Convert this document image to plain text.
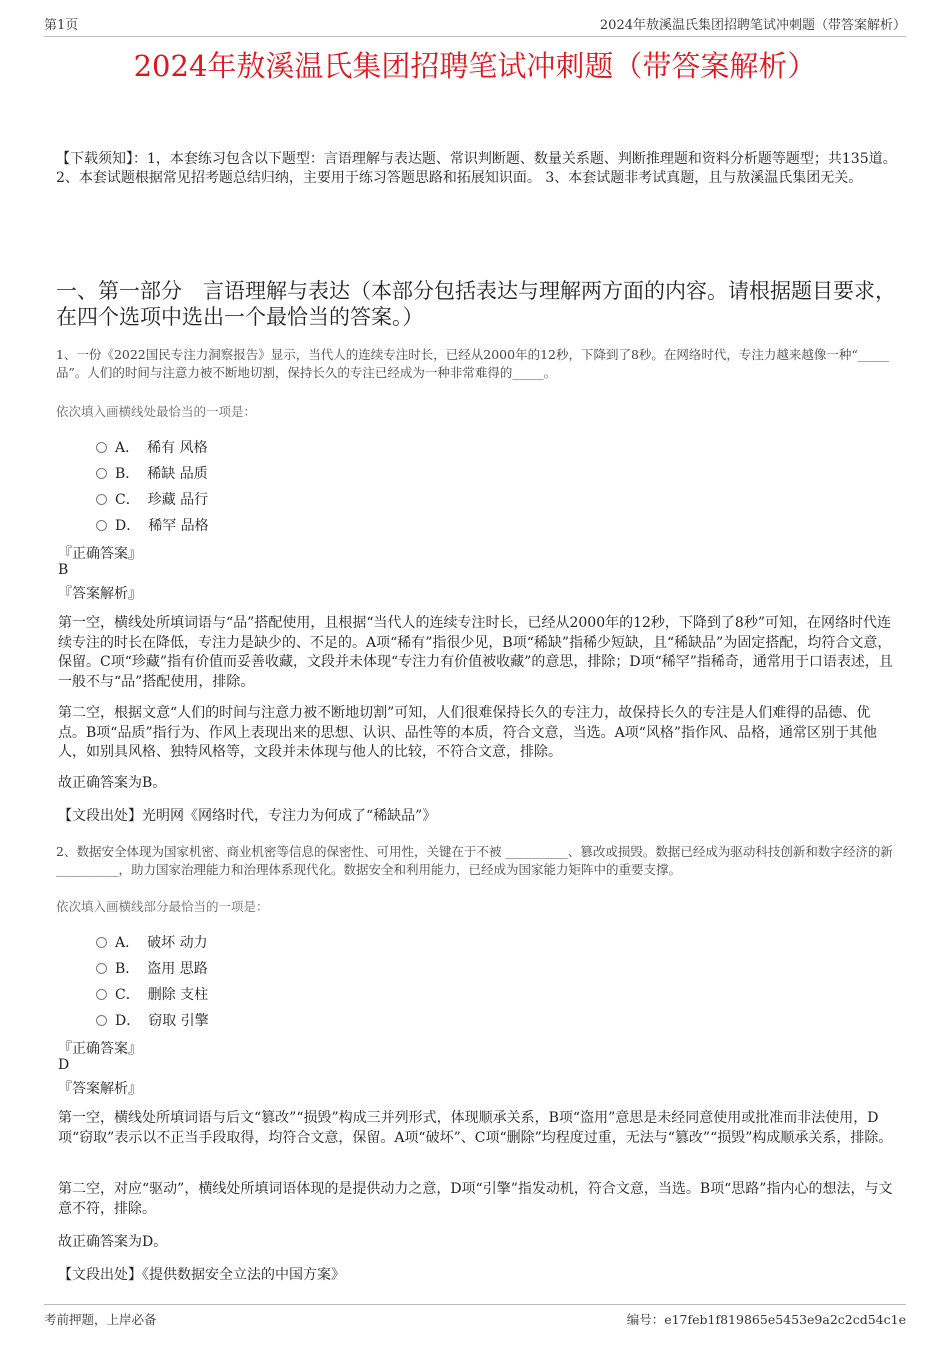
第1页	2024年敖溪温氏集团招聘笔试冲刺题（带答案解析）
2024年敖溪温氏集团招聘笔试冲刺题（带答案解析）
【下载须知】：1，本套练习包含以下题型：言语理解与表达题、常识判断题、数量关系题、判断推理题和资料分析题等题型；共135道。 2、本套试题根据常见招考题总结归纳，主要用于练习答题思路和拓展知识面。 3、本套试题非考试真题，且与敖溪温氏集团无关。
一、第一部分　言语理解与表达（本部分包括表达与理解两方面的内容。请根据题目要求，在四个选项中选出一个最恰当的答案。）
1、一份《2022国民专注力洞察报告》显示，当代人的连续专注时长，已经从2000年的12秒，下降到了8秒。在网络时代，专注力越来越像一种“_____品”。人们的时间与注意力被不断地切割，保持长久的专注已经成为一种非常难得的_____。
依次填入画横线处最恰当的一项是：
A． 稀有 风格
B． 稀缺 品质
C． 珍藏 品行
D． 稀罕 品格
『正确答案』
B
『答案解析』
第一空，横线处所填词语与“品”搭配使用，且根据“当代人的连续专注时长，已经从2000年的12秒，下降到了8秒”可知，在网络时代连续专注的时长在降低，专注力是缺少的、不足的。A项“稀有”指很少见，B项“稀缺”指稀少短缺，且“稀缺品”为固定搭配，均符合文意，保留。C项“珍藏”指有价值而妥善收藏，文段并未体现“专注力有价值被收藏”的意思，排除；D项“稀罕”指稀奇，通常用于口语表述，且一般不与“品”搭配使用，排除。
第二空，根据文意“人们的时间与注意力被不断地切割”可知，人们很难保持长久的专注力，故保持长久的专注是人们难得的品德、优点。B项“品质”指行为、作风上表现出来的思想、认识、品性等的本质，符合文意，当选。A项“风格”指作风、品格，通常区别于其他人，如别具风格、独特风格等，文段并未体现与他人的比较，不符合文意，排除。
故正确答案为B。
【文段出处】光明网《网络时代，专注力为何成了“稀缺品”》
2、数据安全体现为国家机密、商业机密等信息的保密性、可用性，关键在于不被 __________、篡改或损毁。数据已经成为驱动科技创新和数字经济的新 __________，助力国家治理能力和治理体系现代化。数据安全和利用能力，已经成为国家能力矩阵中的重要支撑。
依次填入画横线部分最恰当的一项是：
A． 破坏 动力
B． 盗用 思路
C． 删除 支柱
D． 窃取 引擎
『正确答案』
D
『答案解析』
第一空，横线处所填词语与后文“篡改”“损毁”构成三并列形式，体现顺承关系，B项“盗用”意思是未经同意使用或批准而非法使用，D项“窃取”表示以不正当手段取得，均符合文意，保留。A项“破坏”、C项“删除”均程度过重，无法与“篡改”“损毁”构成顺承关系，排除。
第二空，对应“驱动”，横线处所填词语体现的是提供动力之意，D项“引擎”指发动机，符合文意，当选。B项“思路”指内心的想法，与文意不符，排除。
故正确答案为D。
【文段出处】《提供数据安全立法的中国方案》
考前押题，上岸必备	编号：e17feb1f819865e5453e9a2c2cd54c1e
